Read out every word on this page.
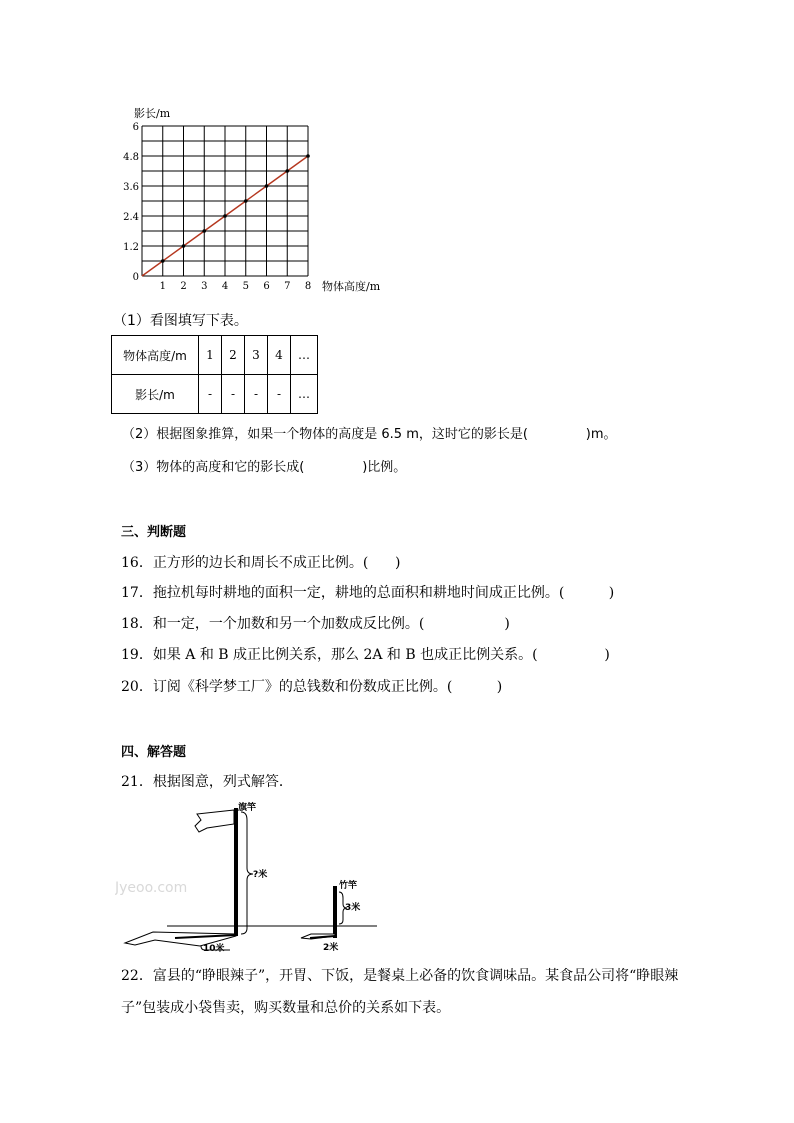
1 2 3 4 5 6 7 8
0
1.2
2.4
3.6
4.8
6
影长/m
物体高度/m
（1）看图填写下表。
物体高度/m	1	2	3	4	…
影长/m	-	-	-	-	…
（2）根据图象推算，如果一个物体的高度是 6.5 m，这时它的影长是(              )m。
（3）物体的高度和它的影长成(              )比例。
三、判断题
16．正方形的边长和周长不成正比例。(      )
17．拖拉机每时耕地的面积一定，耕地的总面积和耕地时间成正比例。(          )
18．和一定，一个加数和另一个加数成反比例。(                  )
19．如果 A 和 B 成正比例关系，那么 2A 和 B 也成正比例关系。(               )
20．订阅《科学梦工厂》的总钱数和份数成正比例。(          )
四、解答题
21．根据图意，列式解答．
旗竿
?米
10米
Jyeoo.com	竹竿
3米
2米
22．富县的“睁眼辣子”，开胃、下饭，是餐桌上必备的饮食调味品。某食品公司将“睁眼辣
子”包装成小袋售卖，购买数量和总价的关系如下表。
